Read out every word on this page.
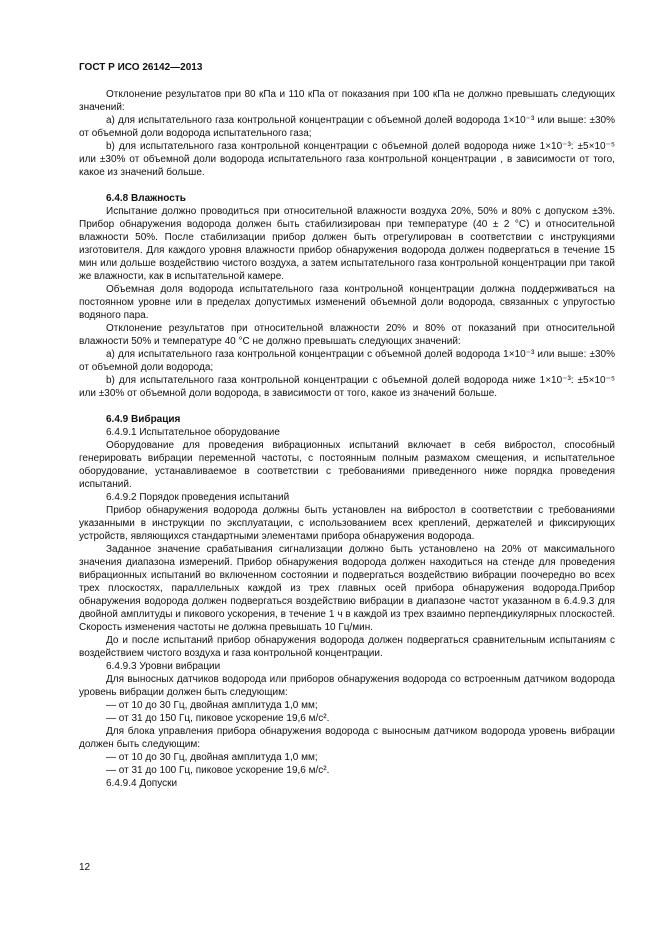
ГОСТ Р ИСО 26142—2013

Отклонение результатов при 80 кПа и 110 кПа от показания при 100 кПа не должно превышать следующих значений:

a) для испытательного газа контрольной концентрации с объемной долей водорода 1×10⁻³ или выше: ±30% от объемной доли водорода испытательного газа;

b) для испытательного газа контрольной концентрации с объемной долей водорода ниже 1×10⁻³: ±5×10⁻⁵ или ±30% от объемной доли водорода испытательного газа контрольной концентрации , в зависимости от того, какое из значений больше.

6.4.8 Влажность

Испытание должно проводиться при относительной влажности воздуха 20%, 50% и 80% с допуском ±3%. Прибор обнаружения водорода должен быть стабилизирован при температуре (40 ± 2 °C) и относительной влажности 50%. После стабилизации прибор должен быть отрегулирован в соответствии с инструкциями изготовителя. Для каждого уровня влажности прибор обнаружения водорода должен подвергаться в течение 15 мин или дольше воздействию чистого воздуха, а затем испытательного газа контрольной концентрации при такой же влажности, как в испытательной камере.

Объемная доля водорода испытательного газа контрольной концентрации должна поддерживаться на постоянном уровне или в пределах допустимых изменений объемной доли водорода, связанных с упругостью водяного пара.

Отклонение результатов при относительной влажности 20% и 80% от показаний при относительной влажности 50% и температуре 40 °C не должно превышать следующих значений:

a) для испытательного газа контрольной концентрации с объемной долей водорода 1×10⁻³ или выше: ±30% от объемной доли водорода;

b) для испытательного газа контрольной концентрации с объемной долей водорода ниже 1×10⁻³: ±5×10⁻⁵ или ±30% от объемной доли водорода, в зависимости от того, какое из значений больше.

6.4.9 Вибрация

6.4.9.1 Испытательное оборудование

Оборудование для проведения вибрационных испытаний включает в себя вибростол, способный генерировать вибрации переменной частоты, с постоянным полным размахом смещения, и испытательное оборудование, устанавливаемое в соответствии с требованиями приведенного ниже порядка проведения испытаний.

6.4.9.2 Порядок проведения испытаний

Прибор обнаружения водорода должны быть установлен на вибростол в соответствии с требованиями указанными в инструкции по эксплуатации, с использованием всех креплений, держателей и фиксирующих устройств, являющихся стандартными элементами прибора обнаружения водорода.

Заданное значение срабатывания сигнализации должно быть установлено на 20% от максимального значения диапазона измерений. Прибор обнаружения водорода должен находиться на стенде для проведения вибрационных испытаний во включенном состоянии и подвергаться воздействию вибрации поочередно во всех трех плоскостях, параллельных каждой из трех главных осей прибора обнаружения водорода.Прибор обнаружения водорода должен подвергаться воздействию вибрации в диапазоне частот указанном в 6.4.9.3 для двойной амплитуды и пикового ускорения, в течение 1 ч в каждой из трех взаимно перпендикулярных плоскостей. Скорость изменения частоты не должна превышать 10 Гц/мин.

До и после испытаний прибор обнаружения водорода должен подвергаться сравнительным испытаниям с воздействием чистого воздуха и газа контрольной концентрации.

6.4.9.3 Уровни вибрации

Для выносных датчиков водорода или приборов обнаружения водорода со встроенным датчиком водорода уровень вибрации должен быть следующим:

— от 10 до 30 Гц, двойная амплитуда 1,0 мм;

— от 31 до 150 Гц, пиковое ускорение 19,6 м/с².

Для блока управления прибора обнаружения водорода с выносным датчиком водорода уровень вибрации должен быть следующим:

— от 10 до 30 Гц, двойная амплитуда 1,0 мм;

— от 31 до 100 Гц, пиковое ускорение 19,6 м/с².

6.4.9.4 Допуски

12
